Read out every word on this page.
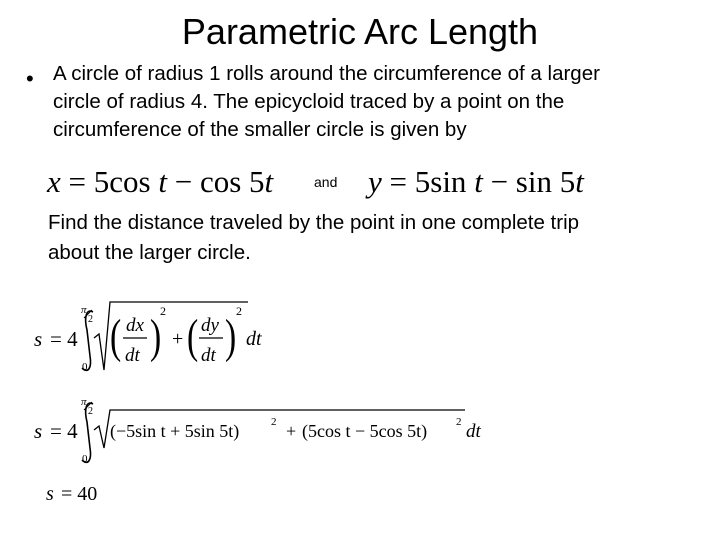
Parametric Arc Length
• A circle of radius 1 rolls around the circumference of a larger
circle of radius 4. The epicycloid traced by a point on the
circumference of the smaller circle is given by
x = 5cos t − cos 5t	and y = 5sin t − sin 5t
Find the distance traveled by the point in one complete trip
about the larger circle.
s = 4
π
2
0
( dx
dt )
2
+ ( dy
dt ) 2
dt
s = 4
π
2
0
(−5sin t + 5sin 5t)	2 + (5cos t − 5cos 5t)	2 dt
s = 40
